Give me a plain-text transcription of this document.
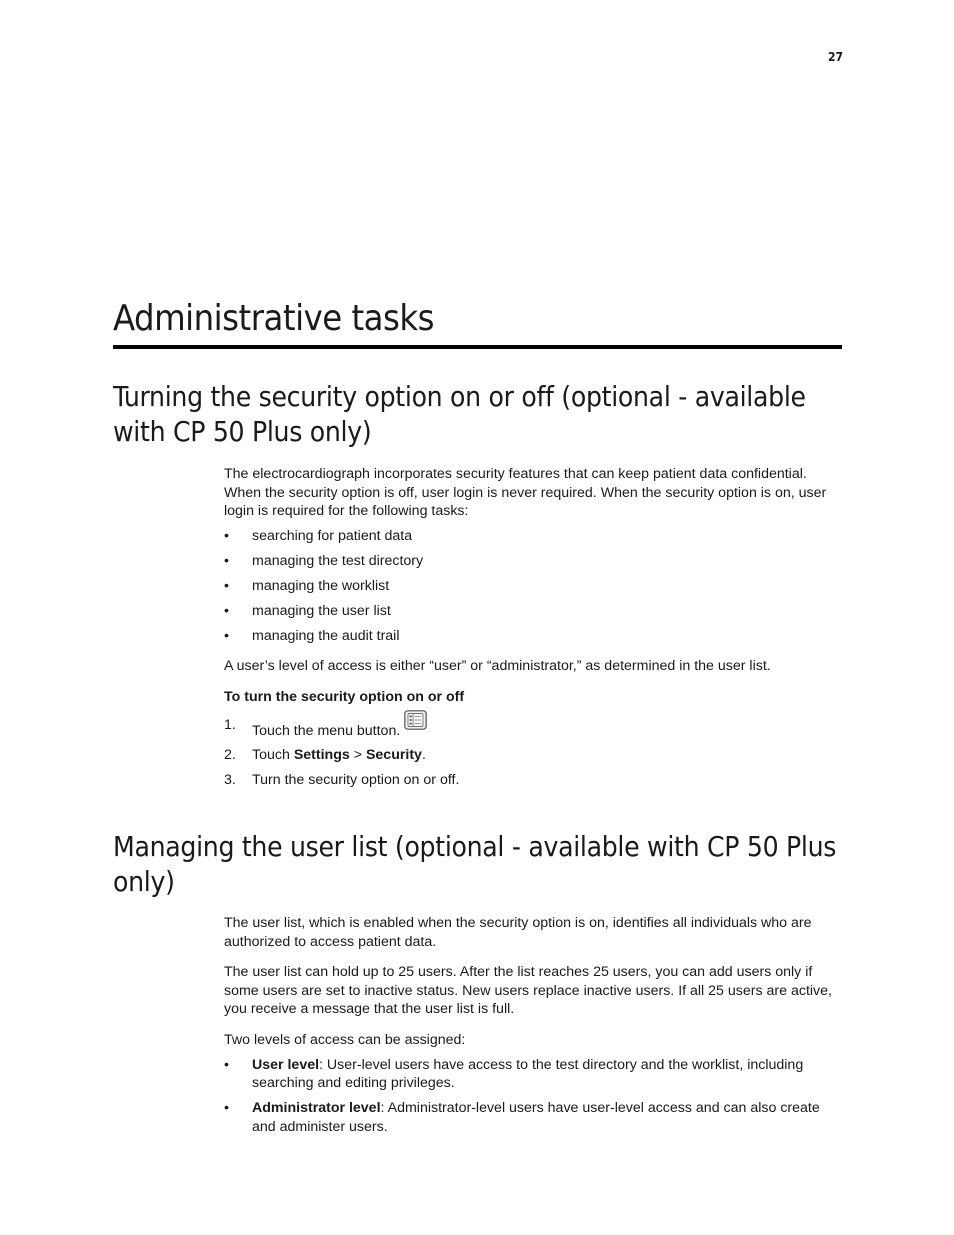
27
Administrative tasks
Turning the security option on or off (optional - available with CP 50 Plus only)

The electrocardiograph incorporates security features that can keep patient data confidential. When the security option is off, user login is never required. When the security option is on, user login is required for the following tasks:

• searching for patient data
• managing the test directory
• managing the worklist
• managing the user list
• managing the audit trail

A user’s level of access is either “user” or “administrator,” as determined in the user list.

To turn the security option on or off

1. Touch the menu button.
2. Touch Settings > Security.
3. Turn the security option on or off.
Managing the user list (optional - available with CP 50 Plus only)

The user list, which is enabled when the security option is on, identifies all individuals who are authorized to access patient data.

The user list can hold up to 25 users. After the list reaches 25 users, you can add users only if some users are set to inactive status. New users replace inactive users. If all 25 users are active, you receive a message that the user list is full.

Two levels of access can be assigned:

• User level: User-level users have access to the test directory and the worklist, including searching and editing privileges.
• Administrator level: Administrator-level users have user-level access and can also create and administer users.
